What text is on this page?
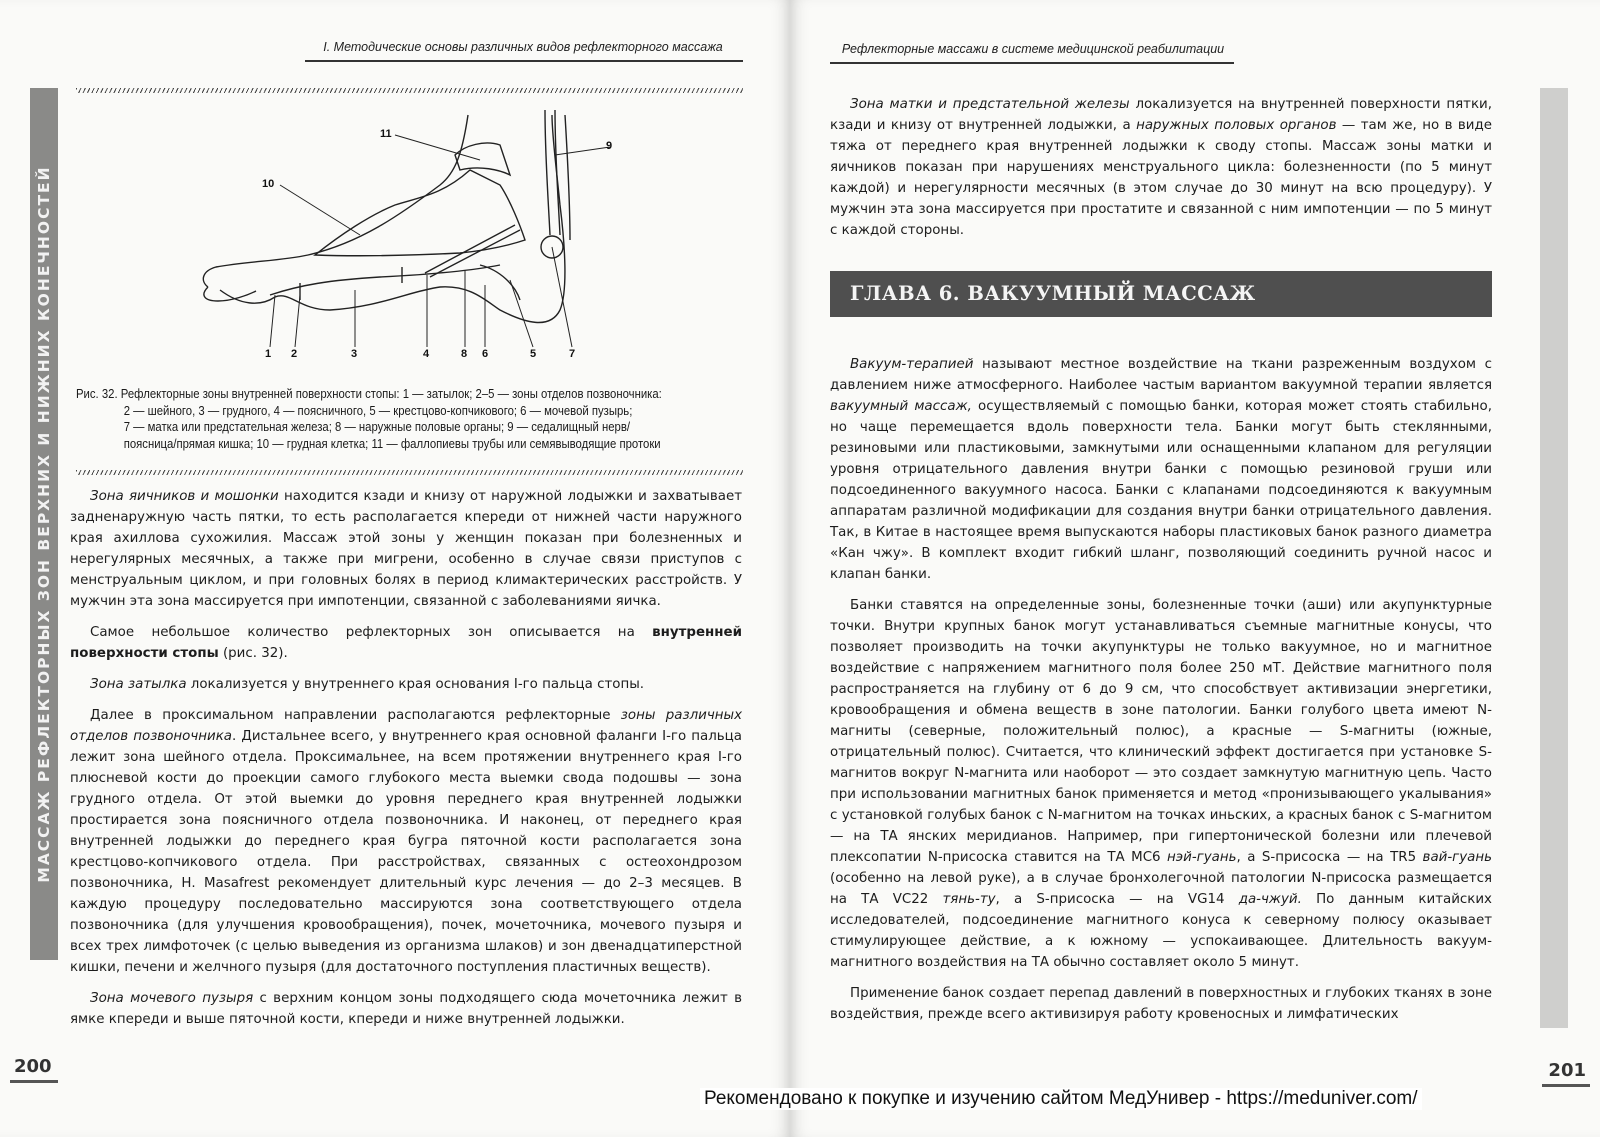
I. Методические основы различных видов рефлекторного массажа
МАССАЖ РЕФЛЕКТОРНЫХ ЗОН ВЕРХНИХ И НИЖНИХ КОНЕЧНОСТЕЙ
11
9
10
1 2	3	4	8 6	5	7
Рис. 32. Рефлекторные зоны внутренней поверхности стопы: 1 — затылок; 2–5 — зоны отделов позвоночника:
2 — шейного, 3 — грудного, 4 — поясничного, 5 — крестцово-копчикового; 6 — мочевой пузырь;
7 — матка или предстательная железа; 8 — наружные половые органы; 9 — седалищный нерв/
поясница/прямая кишка; 10 — грудная клетка; 11 — фаллопиевы трубы или семявыводящие протоки

Зона яичников и мошонки находится кзади и книзу от наружной лодыжки и захватывает задненаружную часть пятки, то есть располагается кпереди от нижней части наружного края ахиллова сухожилия. Массаж этой зоны у женщин показан при болезненных и нерегулярных месячных, а также при мигрени, особенно в случае связи приступов с менструальным циклом, и при головных болях в период климактерических расстройств. У мужчин эта зона массируется при импотенции, связанной с заболеваниями яичка.

Самое небольшое количество рефлекторных зон описывается на внутренней поверхности стопы (рис. 32).

Зона затылка локализуется у внутреннего края основания I-го пальца стопы.

Далее в проксимальном направлении располагаются рефлекторные зоны различных отделов позвоночника. Дистальнее всего, у внутреннего края основной фаланги I-го пальца лежит зона шейного отдела. Проксимальнее, на всем протяжении внутреннего края I-го плюсневой кости до проекции самого глубокого места выемки свода подошвы — зона грудного отдела. От этой выемки до уровня переднего края внутренней лодыжки простирается зона поясничного отдела позвоночника. И наконец, от переднего края внутренней лодыжки до переднего края бугра пяточной кости располагается зона крестцово-копчикового отдела. При расстройствах, связанных с остеохондрозом позвоночника, Н. Masafrest рекомендует длительный курс лечения — до 2–3 месяцев. В каждую процедуру последовательно массируются зона соответствующего отдела позвоночника (для улучшения кровообращения), почек, мочеточника, мочевого пузыря и всех трех лимфоточек (с целью выведения из организма шлаков) и зон двенадцатиперстной кишки, печени и желчного пузыря (для достаточного поступления пластичных веществ).

Зона мочевого пузыря с верхним концом зоны подходящего сюда мочеточника лежит в ямке кпереди и выше пяточной кости, кпереди и ниже внутренней лодыжки.

200
Рефлекторные массажи в системе медицинской реабилитации

Зона матки и предстательной железы локализуется на внутренней поверхности пятки, кзади и книзу от внутренней лодыжки, а наружных половых органов — там же, но в виде тяжа от переднего края внутренней лодыжки к своду стопы. Массаж зоны матки и яичников показан при нарушениях менструального цикла: болезненности (по 5 минут каждой) и нерегулярности месячных (в этом случае до 30 минут на всю процедуру). У мужчин эта зона массируется при простатите и связанной с ним импотенции — по 5 минут с каждой стороны.

ГЛАВА 6. ВАКУУМНЫЙ МАССАЖ

Вакуум-терапией называют местное воздействие на ткани разреженным воздухом с давлением ниже атмосферного. Наиболее частым вариантом вакуумной терапии является вакуумный массаж, осуществляемый с помощью банки, которая может стоять стабильно, но чаще перемещается вдоль поверхности тела. Банки могут быть стеклянными, резиновыми или пластиковыми, замкнутыми или оснащенными клапаном для регуляции уровня отрицательного давления внутри банки с помощью резиновой груши или подсоединенного вакуумного насоса. Банки с клапанами подсоединяются к вакуумным аппаратам различной модификации для создания внутри банки отрицательного давления. Так, в Китае в настоящее время выпускаются наборы пластиковых банок разного диаметра «Кан чжу». В комплект входит гибкий шланг, позволяющий соединить ручной насос и клапан банки.

Банки ставятся на определенные зоны, болезненные точки (аши) или акупунктурные точки. Внутри крупных банок могут устанавливаться съемные магнитные конусы, что позволяет производить на точки акупунктуры не только вакуумное, но и магнитное воздействие с напряжением магнитного поля более 250 мТ. Действие магнитного поля распространяется на глубину от 6 до 9 см, что способствует активизации энергетики, кровообращения и обмена веществ в зоне патологии. Банки голубого цвета имеют N-магниты (северные, положительный полюс), а красные — S-магниты (южные, отрицательный полюс). Считается, что клинический эффект достигается при установке S-магнитов вокруг N-магнита или наоборот — это создает замкнутую магнитную цепь. Часто при использовании магнитных банок применяется и метод «пронизывающего укалывания» с установкой голубых банок с N-магнитом на точках иньских, а красных банок с S-магнитом — на ТА янских меридианов. Например, при гипертонической болезни или плечевой плексопатии N-присоска ставится на ТА МС6 нэй-гуань, а S-присоска — на TR5 вай-гуань (особенно на левой руке), а в случае бронхолегочной патологии N-присоска размещается на ТА VC22 тянь-ту, а S-присоска — на VG14 да-чжуй. По данным китайских исследователей, подсоединение магнитного конуса к северному полюсу оказывает стимулирующее действие, а к южному — успокаивающее. Длительность вакуум-магнитного воздействия на ТА обычно составляет около 5 минут.

Применение банок создает перепад давлений в поверхностных и глубоких тканях в зоне воздействия, прежде всего активизируя работу кровеносных и лимфатических

201
Рекомендовано к покупке и изучению сайтом МедУнивер - https://meduniver.com/
